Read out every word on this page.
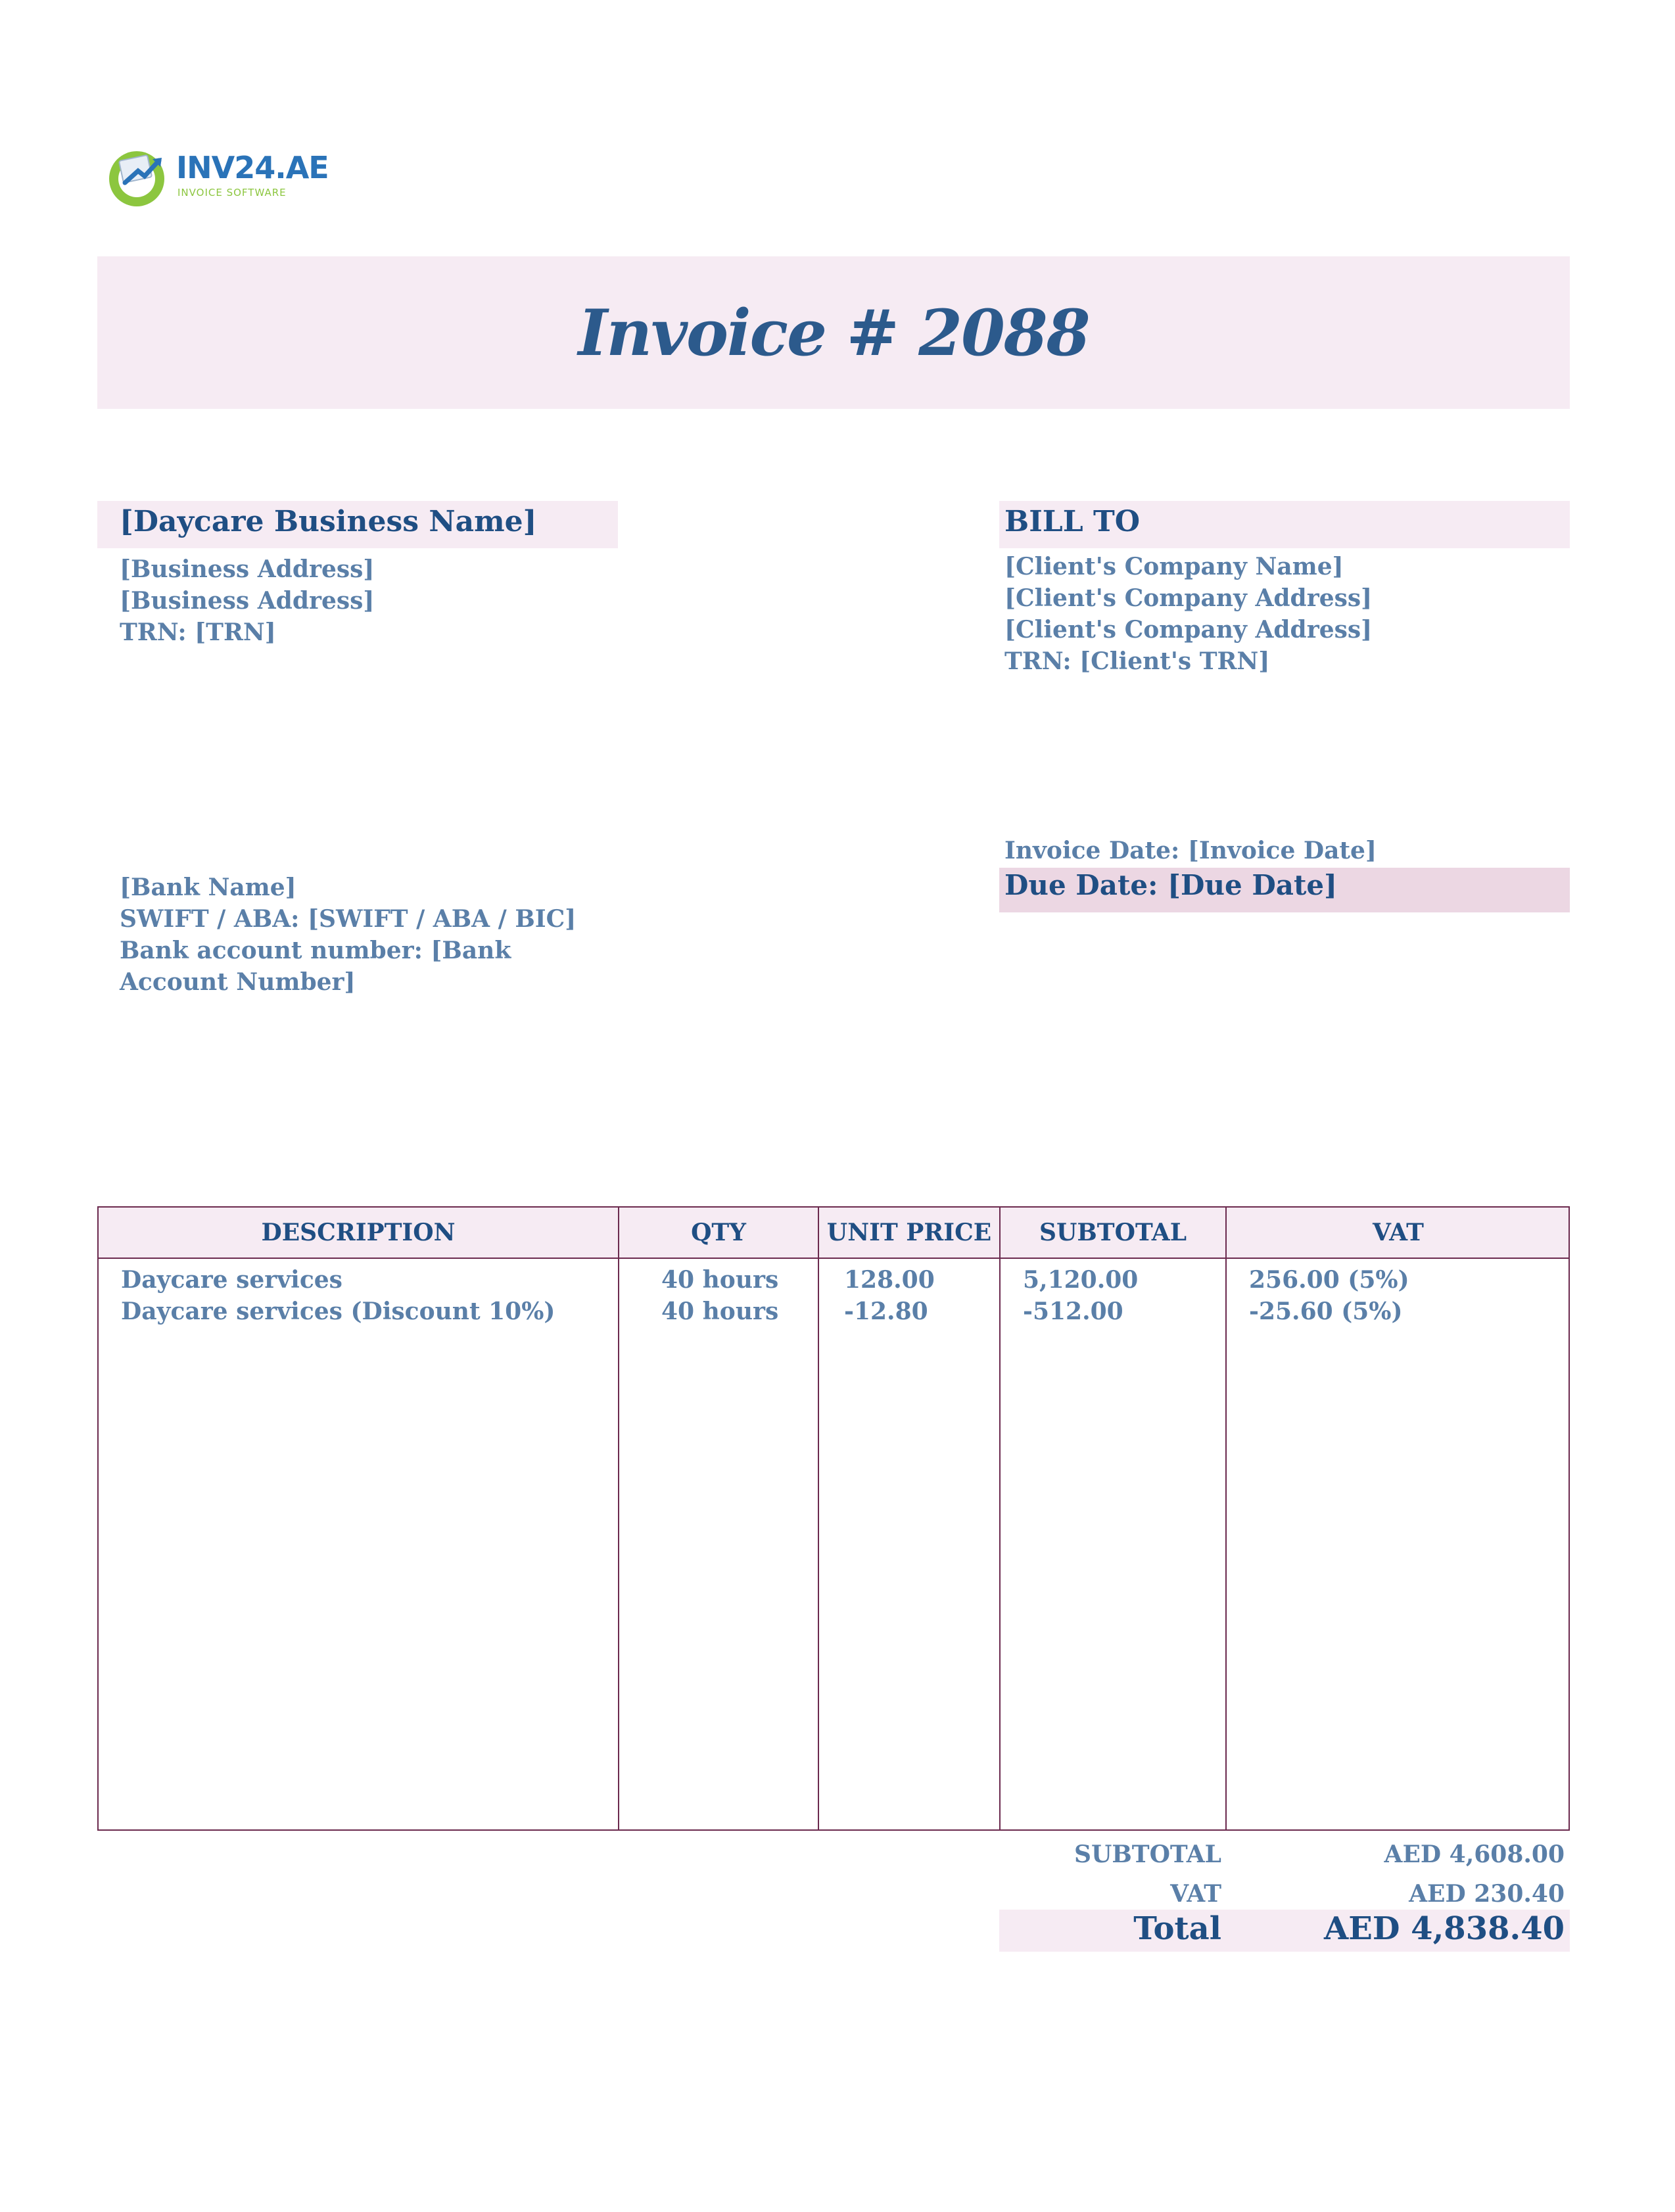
INV24.AE
INVOICE SOFTWARE
Invoice # 2088
[Daycare Business Name]
[Business Address]
[Business Address]
TRN: [TRN]
BILL TO
[Client's Company Name]
[Client's Company Address]
[Client's Company Address]
TRN: [Client's TRN]
Invoice Date: [Invoice Date]
Due Date: [Due Date]
[Bank Name]
SWIFT / ABA: [SWIFT / ABA / BIC]
Bank account number: [Bank
Account Number]
DESCRIPTION	QTY	UNIT PRICE	SUBTOTAL	VAT
Daycare services	40 hours	128.00	5,120.00	256.00 (5%)
Daycare services (Discount 10%)	40 hours	-12.80	-512.00	-25.60 (5%)
SUBTOTAL	AED 4,608.00
VAT	AED 230.40
Total	AED 4,838.40
